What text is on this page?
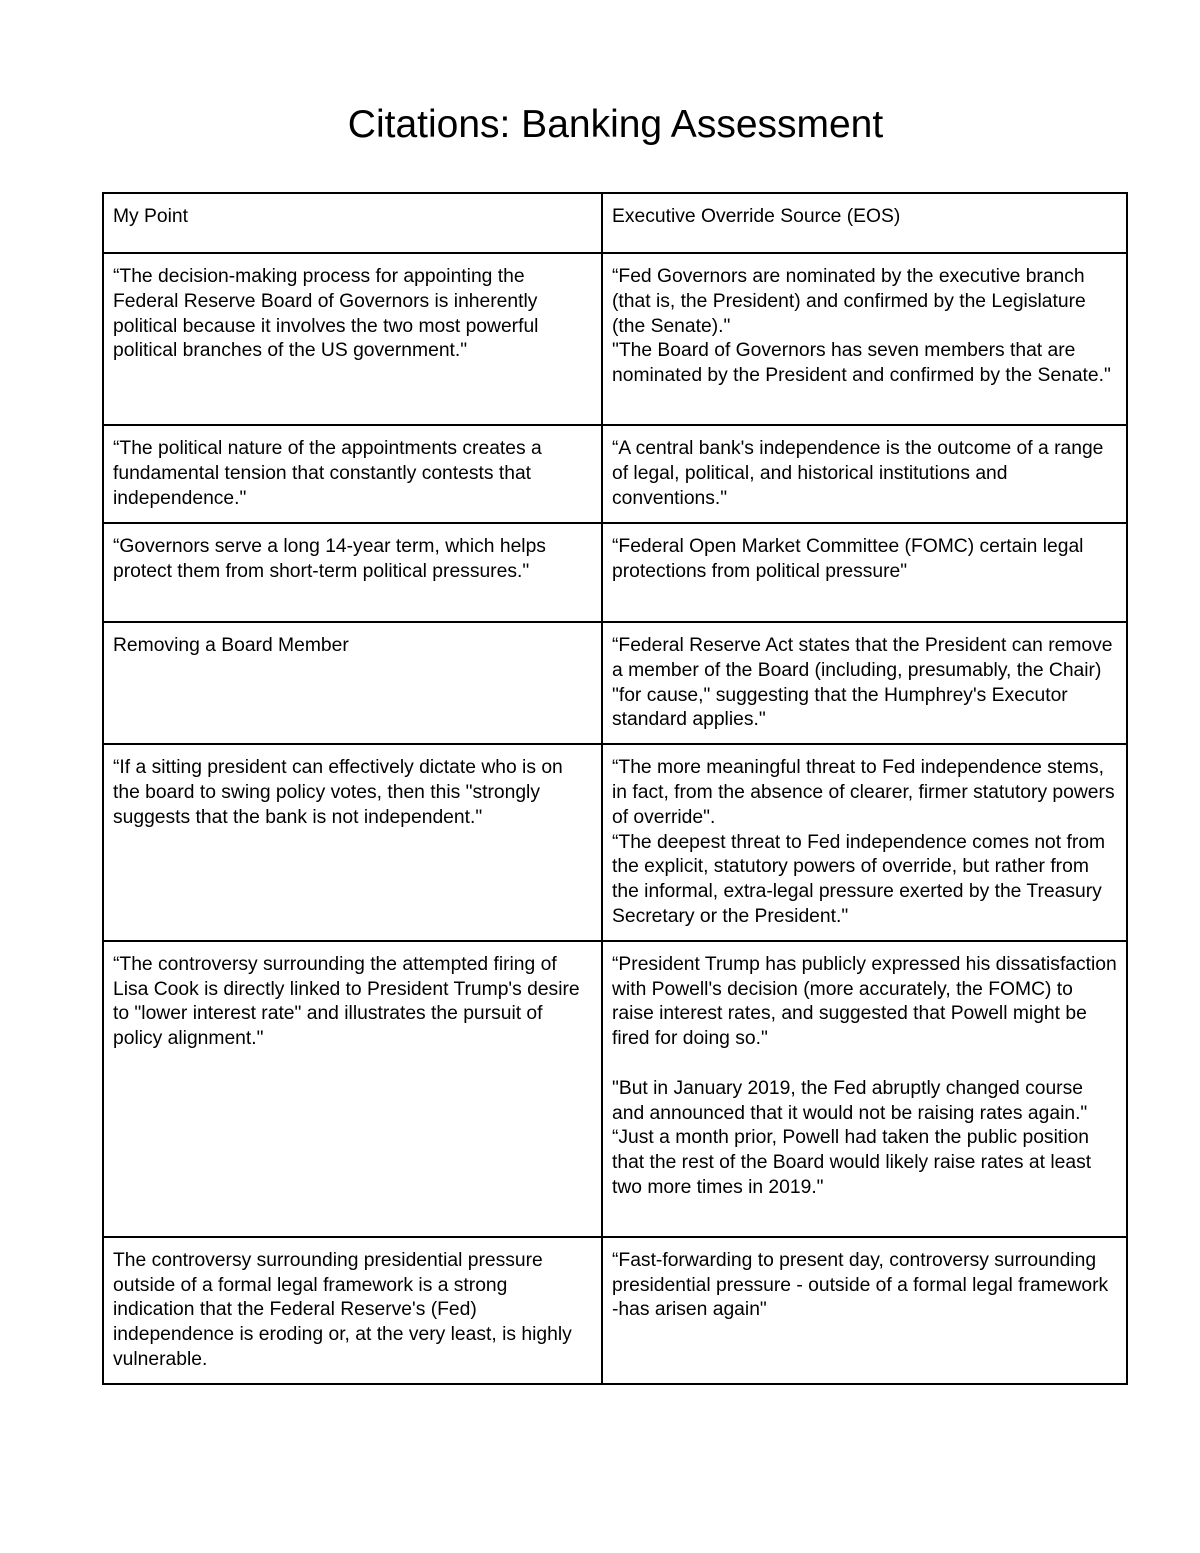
Citations: Banking Assessment
My Point	Executive Override Source (EOS)

“The decision-making process for appointing the Federal Reserve Board of Governors is inherently political because it involves the two most powerful political branches of the US government."	“Fed Governors are nominated by the executive branch (that is, the President) and confirmed by the Legislature (the Senate)."

"The Board of Governors has seven members that are nominated by the President and confirmed by the Senate."

“The political nature of the appointments creates a fundamental tension that constantly contests that independence."	“A central bank's independence is the outcome of a range of legal, political, and historical institutions and conventions."

“Governors serve a long 14-year term, which helps protect them from short-term political pressures."	“Federal Open Market Committee (FOMC) certain legal protections from political pressure"

Removing a Board Member	“Federal Reserve Act states that the President can remove a member of the Board (including, presumably, the Chair) "for cause," suggesting that the Humphrey's Executor standard applies."

“If a sitting president can effectively dictate who is on the board to swing policy votes, then this "strongly suggests that the bank is not independent."	“The more meaningful threat to Fed independence stems, in fact, from the absence of clearer, firmer statutory powers of override".

“The deepest threat to Fed independence comes not from the explicit, statutory powers of override, but rather from the informal, extra-legal pressure exerted by the Treasury Secretary or the President."

“The controversy surrounding the attempted firing of Lisa Cook is directly linked to President Trump's desire to "lower interest rate" and illustrates the pursuit of policy alignment."	“President Trump has publicly expressed his dissatisfaction with Powell's decision (more accurately, the FOMC) to raise interest rates, and suggested that Powell might be fired for doing so."

"But in January 2019, the Fed abruptly changed course and announced that it would not be raising rates again."

“Just a month prior, Powell had taken the public position that the rest of the Board would likely raise rates at least two more times in 2019."

The controversy surrounding presidential pressure outside of a formal legal framework is a strong indication that the Federal Reserve's (Fed) independence is eroding or, at the very least, is highly vulnerable.	“Fast-forwarding to present day, controversy surrounding presidential pressure - outside of a formal legal framework -has arisen again"
